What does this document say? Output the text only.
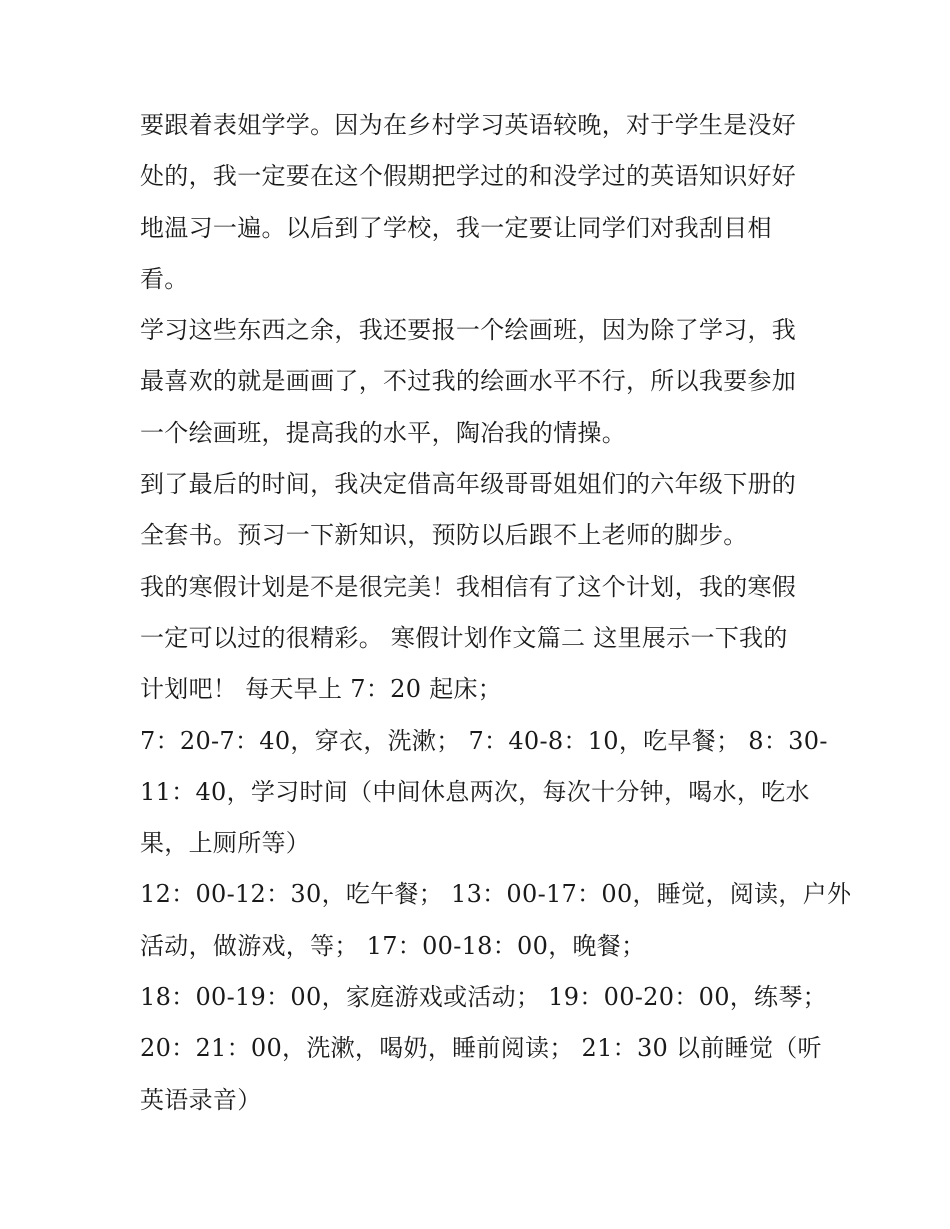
要跟着表姐学学。因为在乡村学习英语较晚，对于学生是没好
处的，我一定要在这个假期把学过的和没学过的英语知识好好
地温习一遍。以后到了学校，我一定要让同学们对我刮目相
看。
学习这些东西之余，我还要报一个绘画班，因为除了学习，我
最喜欢的就是画画了，不过我的绘画水平不行，所以我要参加
一个绘画班，提高我的水平，陶冶我的情操。
到了最后的时间，我决定借高年级哥哥姐姐们的六年级下册的
全套书。预习一下新知识，预防以后跟不上老师的脚步。
我的寒假计划是不是很完美！我相信有了这个计划，我的寒假
一定可以过的很精彩。 寒假计划作文篇二 这里展示一下我的
计划吧！ 每天早上 7：20 起床；
7：20-7：40，穿衣，洗漱； 7：40-8：10，吃早餐； 8：30-
11：40，学习时间（中间休息两次，每次十分钟，喝水，吃水
果，上厕所等）
12：00-12：30，吃午餐； 13：00-17：00，睡觉，阅读，户外
活动，做游戏，等； 17：00-18：00，晚餐；
18：00-19：00，家庭游戏或活动； 19：00-20：00，练琴；
20：21：00，洗漱，喝奶，睡前阅读； 21：30 以前睡觉（听
英语录音）
